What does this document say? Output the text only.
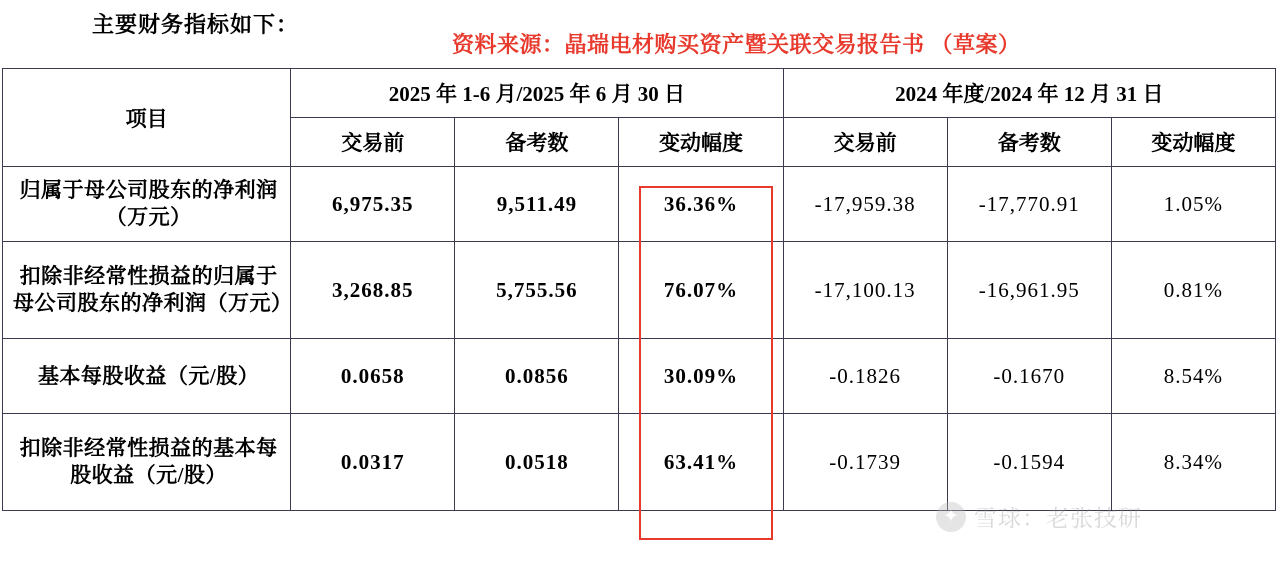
主要财务指标如下：
资料来源：晶瑞电材购买资产暨关联交易报告书 （草案）
项目	2025 年 1-6 月/2025 年 6 月 30 日			2024 年度/2024 年 12 月 31 日		
	交易前	备考数	变动幅度	交易前	备考数	变动幅度
归属于母公司股东的净利润（万元）	6,975.35	9,511.49	36.36%	-17,959.38	-17,770.91	1.05%
扣除非经常性损益的归属于母公司股东的净利润（万元）	3,268.85	5,755.56	76.07%	-17,100.13	-16,961.95	0.81%
基本每股收益（元/股）	0.0658	0.0856	30.09%	-0.1826	-0.1670	8.54%
扣除非经常性损益的基本每股收益（元/股）	0.0317	0.0518	63.41%	-0.1739	-0.1594	8.34%
✦ 雪球：老张技研
